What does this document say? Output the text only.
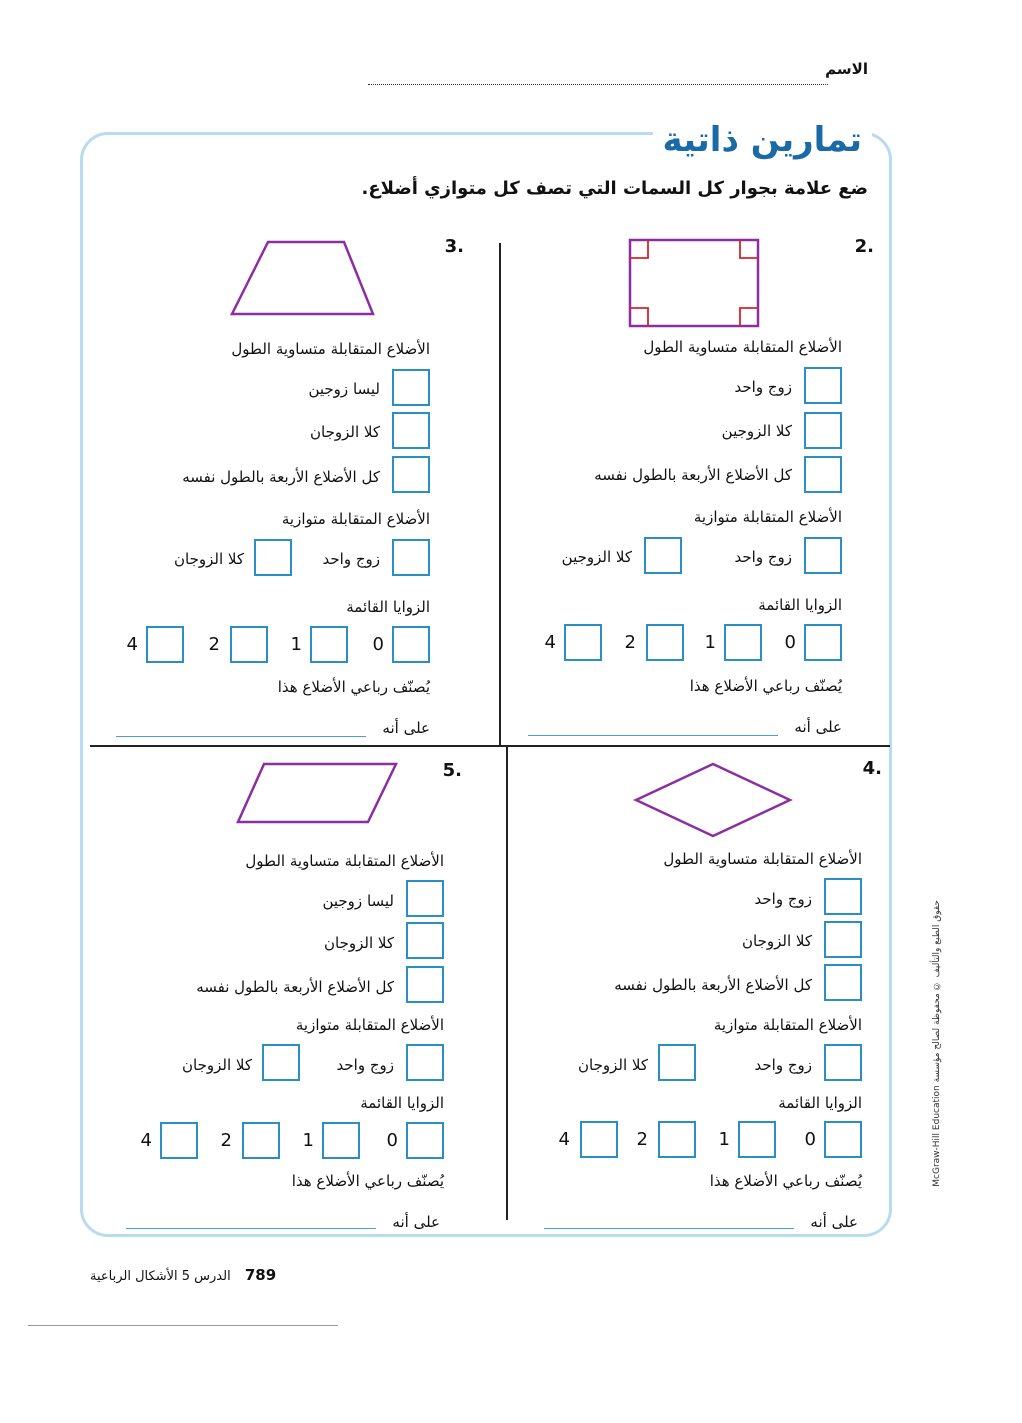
الاسم
تمارين ذاتية
ضع علامة بجوار كل السمات التي تصف كل متوازي أضلاع.
.2
الأضلاع المتقابلة متساوية الطول
زوج واحد
كلا الزوجين
كل الأضلاع الأربعة بالطول نفسه
الأضلاع المتقابلة متوازية
زوج واحد
كلا الزوجين
الزوايا القائمة
0
1
2
4
يُصنّف رباعي الأضلاع هذا
على أنه
.3
الأضلاع المتقابلة متساوية الطول
ليسا زوجين
كلا الزوجان
كل الأضلاع الأربعة بالطول نفسه
الأضلاع المتقابلة متوازية
زوج واحد
كلا الزوجان
الزوايا القائمة
0
1
2
4
يُصنّف رباعي الأضلاع هذا
على أنه
.4
الأضلاع المتقابلة متساوية الطول
زوج واحد
كلا الزوجان
كل الأضلاع الأربعة بالطول نفسه
الأضلاع المتقابلة متوازية
زوج واحد
كلا الزوجان
الزوايا القائمة
0
1
2
4
يُصنّف رباعي الأضلاع هذا
على أنه
.5
الأضلاع المتقابلة متساوية الطول
ليسا زوجين
كلا الزوجان
كل الأضلاع الأربعة بالطول نفسه
الأضلاع المتقابلة متوازية
زوج واحد
كلا الزوجان
الزوايا القائمة
0
1
2
4
يُصنّف رباعي الأضلاع هذا
على أنه
حقوق الطبع والتأليف © محفوظة لصالح مؤسسة McGraw-Hill Education
789 الدرس 5 الأشكال الرباعية
